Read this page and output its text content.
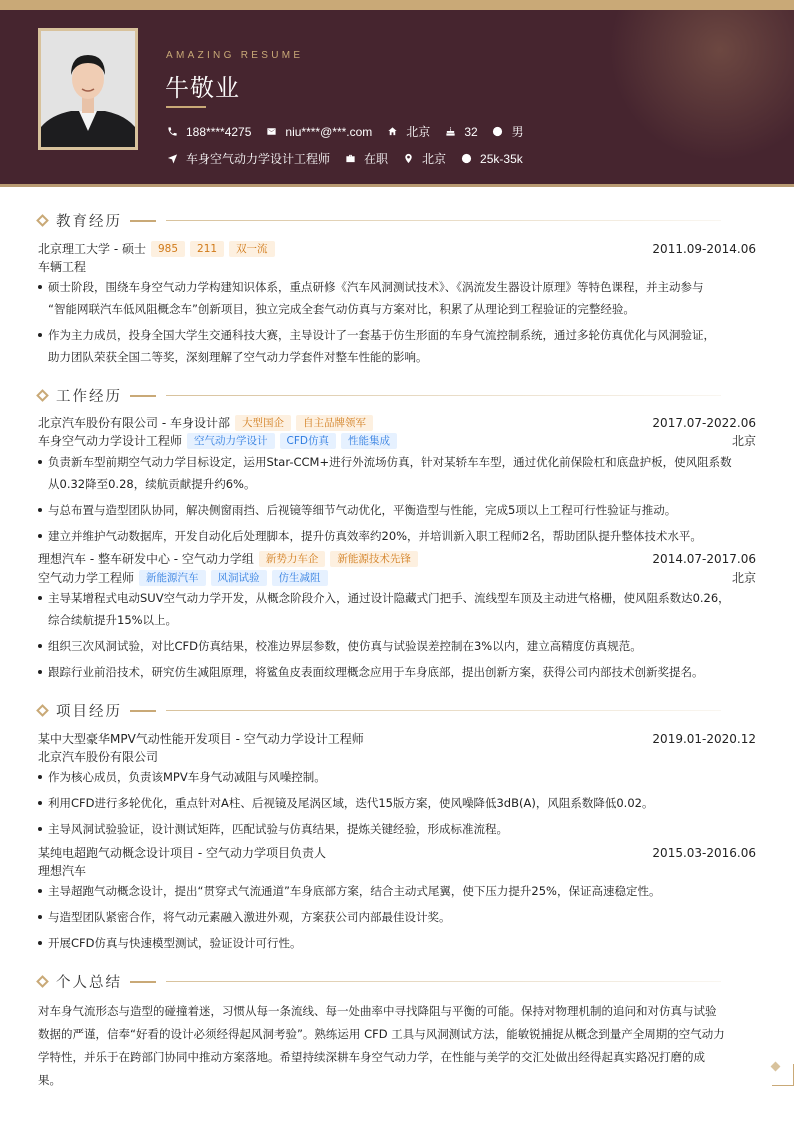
AMAZING RESUME
牛敬业
188****4275	niu****@***.com	北京	32	男
车身空气动力学设计工程师	在职	北京	25k-35k
教育经历
北京理工大学 - 硕士	985	211	双一流	2011.09-2014.06
车辆工程
硕士阶段，围绕车身空气动力学构建知识体系，重点研修《汽车风洞测试技术》、《涡流发生器设计原理》等特色课程，并主动参与
“智能网联汽车低风阻概念车”创新项目，独立完成全套气动仿真与方案对比，积累了从理论到工程验证的完整经验。
作为主力成员，投身全国大学生交通科技大赛，主导设计了一套基于仿生形面的车身气流控制系统，通过多轮仿真优化与风洞验证，
助力团队荣获全国二等奖，深刻理解了空气动力学套件对整车性能的影响。
工作经历
北京汽车股份有限公司 - 车身设计部	大型国企	自主品牌领军	2017.07-2022.06
车身空气动力学设计工程师	空气动力学设计	CFD仿真	性能集成	北京
负责新车型前期空气动力学目标设定，运用Star-CCM+进行外流场仿真，针对某轿车车型，通过优化前保险杠和底盘护板，使风阻系数
从0.32降至0.28，续航贡献提升约6%。
与总布置与造型团队协同，解决侧窗雨挡、后视镜等细节气动优化，平衡造型与性能，完成5项以上工程可行性验证与推动。
建立并维护气动数据库，开发自动化后处理脚本，提升仿真效率约20%，并培训新入职工程师2名，帮助团队提升整体技术水平。
理想汽车 - 整车研发中心 - 空气动力学组	新势力车企	新能源技术先锋	2014.07-2017.06
空气动力学工程师	新能源汽车	风洞试验	仿生减阻	北京
主导某增程式电动SUV空气动力学开发，从概念阶段介入，通过设计隐藏式门把手、流线型车顶及主动进气格栅，使风阻系数达0.26，
综合续航提升15%以上。
组织三次风洞试验，对比CFD仿真结果，校准边界层参数，使仿真与试验误差控制在3%以内，建立高精度仿真规范。
跟踪行业前沿技术，研究仿生减阻原理，将鲨鱼皮表面纹理概念应用于车身底部，提出创新方案，获得公司内部技术创新奖提名。
项目经历
某中大型豪华MPV气动性能开发项目 - 空气动力学设计工程师	2019.01-2020.12
北京汽车股份有限公司
作为核心成员，负责该MPV车身气动减阻与风噪控制。
利用CFD进行多轮优化，重点针对A柱、后视镜及尾涡区域，迭代15版方案，使风噪降低3dB(A)，风阻系数降低0.02。
主导风洞试验验证，设计测试矩阵，匹配试验与仿真结果，提炼关键经验，形成标准流程。
某纯电超跑气动概念设计项目 - 空气动力学项目负责人	2015.03-2016.06
理想汽车
主导超跑气动概念设计，提出“贯穿式气流通道”车身底部方案，结合主动式尾翼，使下压力提升25%，保证高速稳定性。
与造型团队紧密合作，将气动元素融入激进外观，方案获公司内部最佳设计奖。
开展CFD仿真与快速模型测试，验证设计可行性。
个人总结
对车身气流形态与造型的碰撞着迷，习惯从每一条流线、每一处曲率中寻找降阻与平衡的可能。保持对物理机制的追问和对仿真与试验
数据的严谨，信奉“好看的设计必须经得起风洞考验”。熟练运用 CFD 工具与风洞测试方法，能敏锐捕捉从概念到量产全周期的空气动力
学特性，并乐于在跨部门协同中推动方案落地。希望持续深耕车身空气动力学，在性能与美学的交汇处做出经得起真实路况打磨的成
果。
